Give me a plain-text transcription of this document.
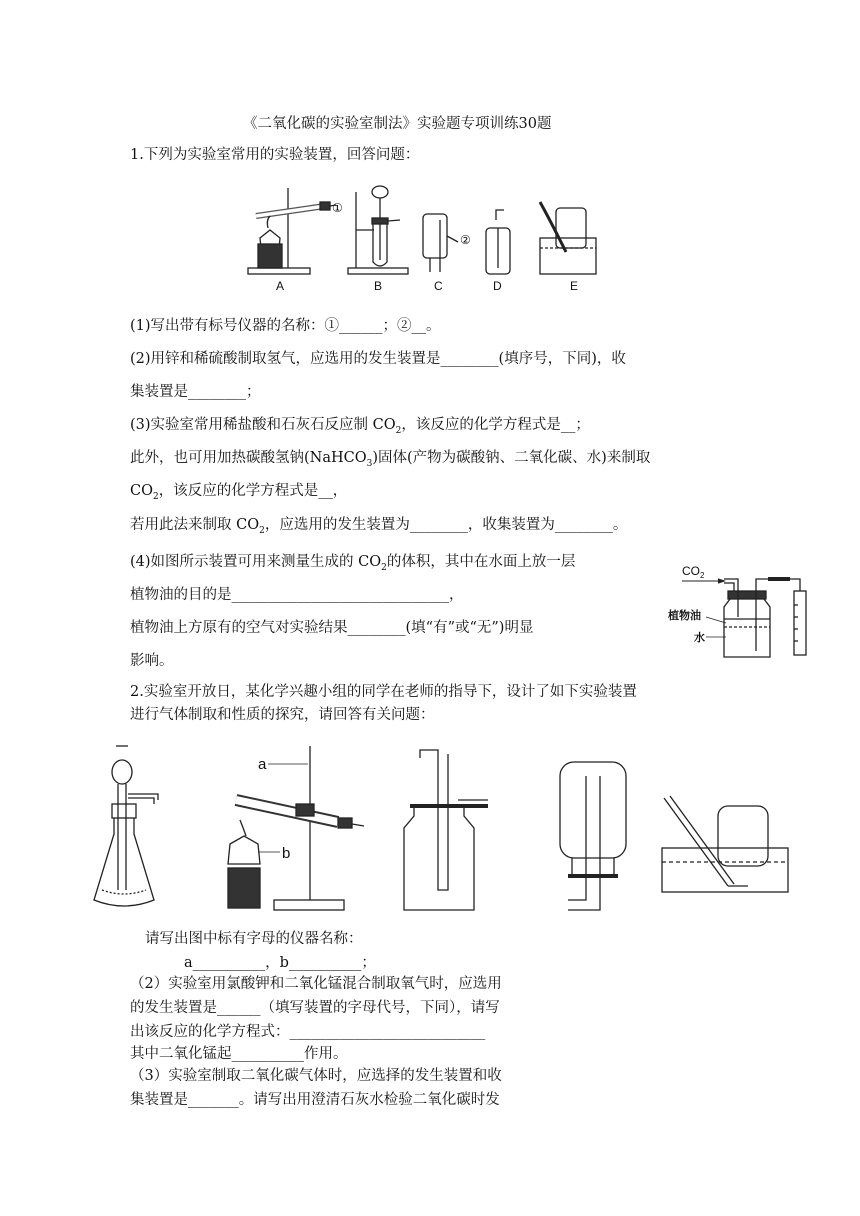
《二氧化碳的实验室制法》实验题专项训练30题
1.下列为实验室常用的实验装置，回答问题：
A	B	C	D	E
①
②
(1)写出带有标号仪器的名称：①______；②__。
(2)用锌和稀硫酸制取氢气，应选用的发生装置是________(填序号，下同)，收
集装置是________；
(3)实验室常用稀盐酸和石灰石反应制 $CO_2$，该反应的化学方程式是__；
此外，也可用加热碳酸氢钠(NaHCO$_3$)固体(产物为碳酸钠、二氧化碳、水)来制取
$CO_2$，该反应的化学方程式是__，
若用此法来制取 $CO_2$，应选用的发生装置为________，收集装置为________。
(4)如图所示装置可用来测量生成的 $CO_2$的体积，其中在水面上放一层
植物油的目的是______________________________，
植物油上方原有的空气对实验结果________(填“有”或“无”)明显
影响。
$CO_2$
植物油
水
2.实验室开放日，某化学兴趣小组的同学在老师的指导下，设计了如下实验装置
进行气体制取和性质的探究，请回答有关问题：
a
b
请写出图中标有字母的仪器名称：
a__________，b__________；
（2）实验室用氯酸钾和二氧化锰混合制取氧气时，应选用
的发生装置是______（填写装置的字母代号，下同），请写
出该反应的化学方程式：___________________________
其中二氧化锰起__________作用。
（3）实验室制取二氧化碳气体时，应选择的发生装置和收
集装置是_______。请写出用澄清石灰水检验二氧化碳时发
